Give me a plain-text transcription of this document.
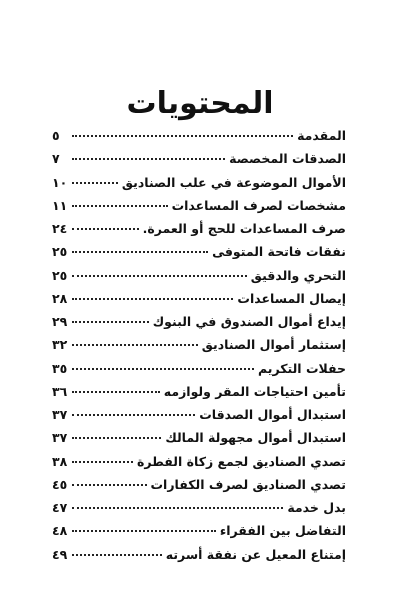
المحتويات
المقدمة
٥
الصدقات المخصصة
٧
الأموال الموضوعة في علب الصناديق
١٠
مشخصات لصرف المساعدات
١١
صرف المساعدات للحج أو العمرة.
٢٤
نفقات فاتحة المتوفى
٢٥
التحري والدقيق
٢٥
إيصال المساعدات
٢٨
إيداع أموال الصندوق في البنوك
٢٩
إستثمار أموال الصناديق
٣٢
حفلات التكريم
٣٥
تأمين احتياجات المقر ولوازمه
٣٦
استبدال أموال الصدقات
٣٧
استبدال أموال مجهولة المالك
٣٧
تصدي الصناديق لجمع زكاة الفطرة
٣٨
تصدي الصناديق لصرف الكفارات
٤٥
بدل خدمة
٤٧
التفاضل بين الفقراء
٤٨
إمتناع المعيل عن نفقة أسرته
٤٩
